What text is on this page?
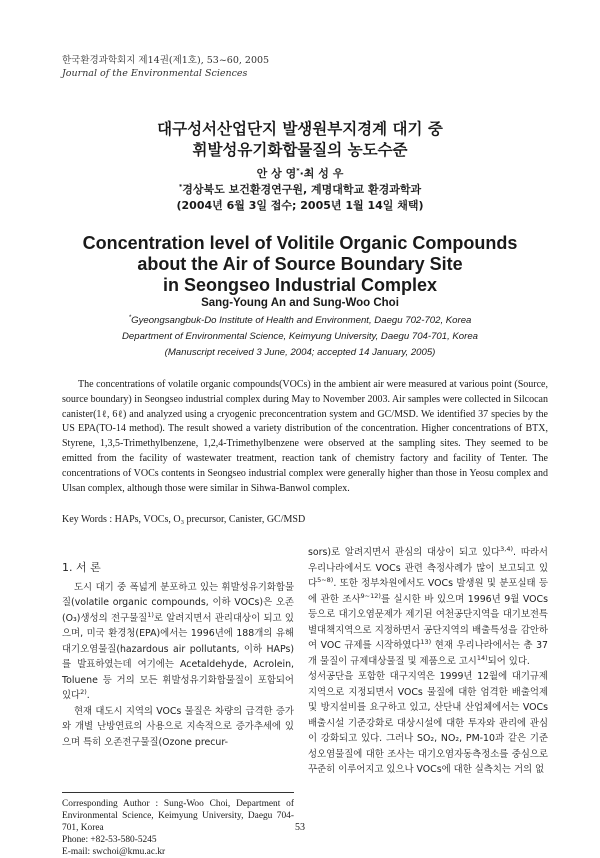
한국환경과학회지 제14권(제1호), 53~60, 2005
Journal of the Environmental Sciences
대구성서산업단지 발생원부지경계 대기 중
휘발성유기화합물질의 농도수준
안 상 영*·최 성 우
*경상북도 보건환경연구원, 계명대학교 환경과학과
(2004년 6월 3일 접수; 2005년 1월 14일 채택)
Concentration level of Volitile Organic Compounds
about the Air of Source Boundary Site
in Seongseo Industrial Complex
Sang-Young An and Sung-Woo Choi
*Gyeongsangbuk-Do Institute of Health and Environment, Daegu 702-702, Korea
Department of Environmental Science, Keimyung University, Daegu 704-701, Korea
(Manuscript received 3 June, 2004; accepted 14 January, 2005)

The concentrations of volatile organic compounds(VOCs) in the ambient air were measured at various point (Source, source boundary) in Seongseo industrial complex during May to November 2003. Air samples were collected in Silcocan canister(1ℓ, 6ℓ) and analyzed using a cryogenic preconcentration system and GC/MSD. We identified 37 species by the US EPA(TO-14 method). The result showed a variety distribution of the concentration. Higher concentrations of BTX, Styrene, 1,3,5-Trimethylbenzene, 1,2,4-Trimethylbenzene were observed at the sampling sites. They seemed to be emitted from the facility of wastewater treatment, reaction tank of chemistry factory and facility of Tenter. The concentrations of VOCs contents in Seongseo industrial complex were generally higher than those in Yeosu complex and Ulsan complex, although those were similar in Sihwa-Banwol complex.

Key Words : HAPs, VOCs, O₃ precursor, Canister, GC/MSD
1. 서 론

도시 대기 중 폭넓게 분포하고 있는 휘발성유기화합물질(volatile organic compounds, 이하 VOCs)은 오존(O₃)생성의 전구물질$^{1)}$로 알려지면서 관리대상이 되고 있으며, 미국 환경청(EPA)에서는 1996년에 188개의 유해대기오염물질(hazardous air pollutants, 이하 HAPs)를 발표하였는데 여기에는 Acetaldehyde, Acrolein, Toluene 등 거의 모든 휘발성유기화합물질이 포함되어 있다$^{2)}$.

현재 대도시 지역의 VOCs 물질은 차량의 급격한 증가와 개별 난방연료의 사용으로 지속적으로 증가추세에 있으며 특히 오존전구물질(Ozone precur-

sors)로 알려지면서 관심의 대상이 되고 있다$^{3,4)}$. 따라서 우리나라에서도 VOCs 관련 측정사례가 많이 보고되고 있다$^{5\sim 8)}$. 또한 정부차원에서도 VOCs 발생원 및 분포실태 등에 관한 조사$^{9\sim 12)}$를 실시한 바 있으며 1996년 9월 VOCs 등으로 대기오염문제가 제기된 여천공단지역을 대기보전특별대책지역으로 지정하면서 공단지역의 배출특성을 감안하여 VOC 규제를 시작하였다$^{13)}$ 현재 우리나라에서는 총 37개 물질이 규제대상물질 및 제품으로 고시$^{14)}$되어 있다.

성서공단을 포함한 대구지역은 1999년 12월에 대기규제지역으로 지정되면서 VOCs 물질에 대한 엄격한 배출억제 및 방지설비를 요구하고 있고, 산단내 산업체에서는 VOCs 배출시설 기준강화로 대상시설에 대한 투자와 관리에 관심이 강화되고 있다. 그러나 SO₂, NO₂, PM-10과 같은 기준성오염물질에 대한 조사는 대기오염자동측정소를 중심으로 꾸준히 이루어지고 있으나 VOCs에 대한 실측치는 거의 없

Corresponding Author : Sung-Woo Choi, Department of Environmental Science, Keimyung University, Daegu 704-701, Korea
Phone: +82-53-580-5245
E-mail: swchoi@kmu.ac.kr
53
